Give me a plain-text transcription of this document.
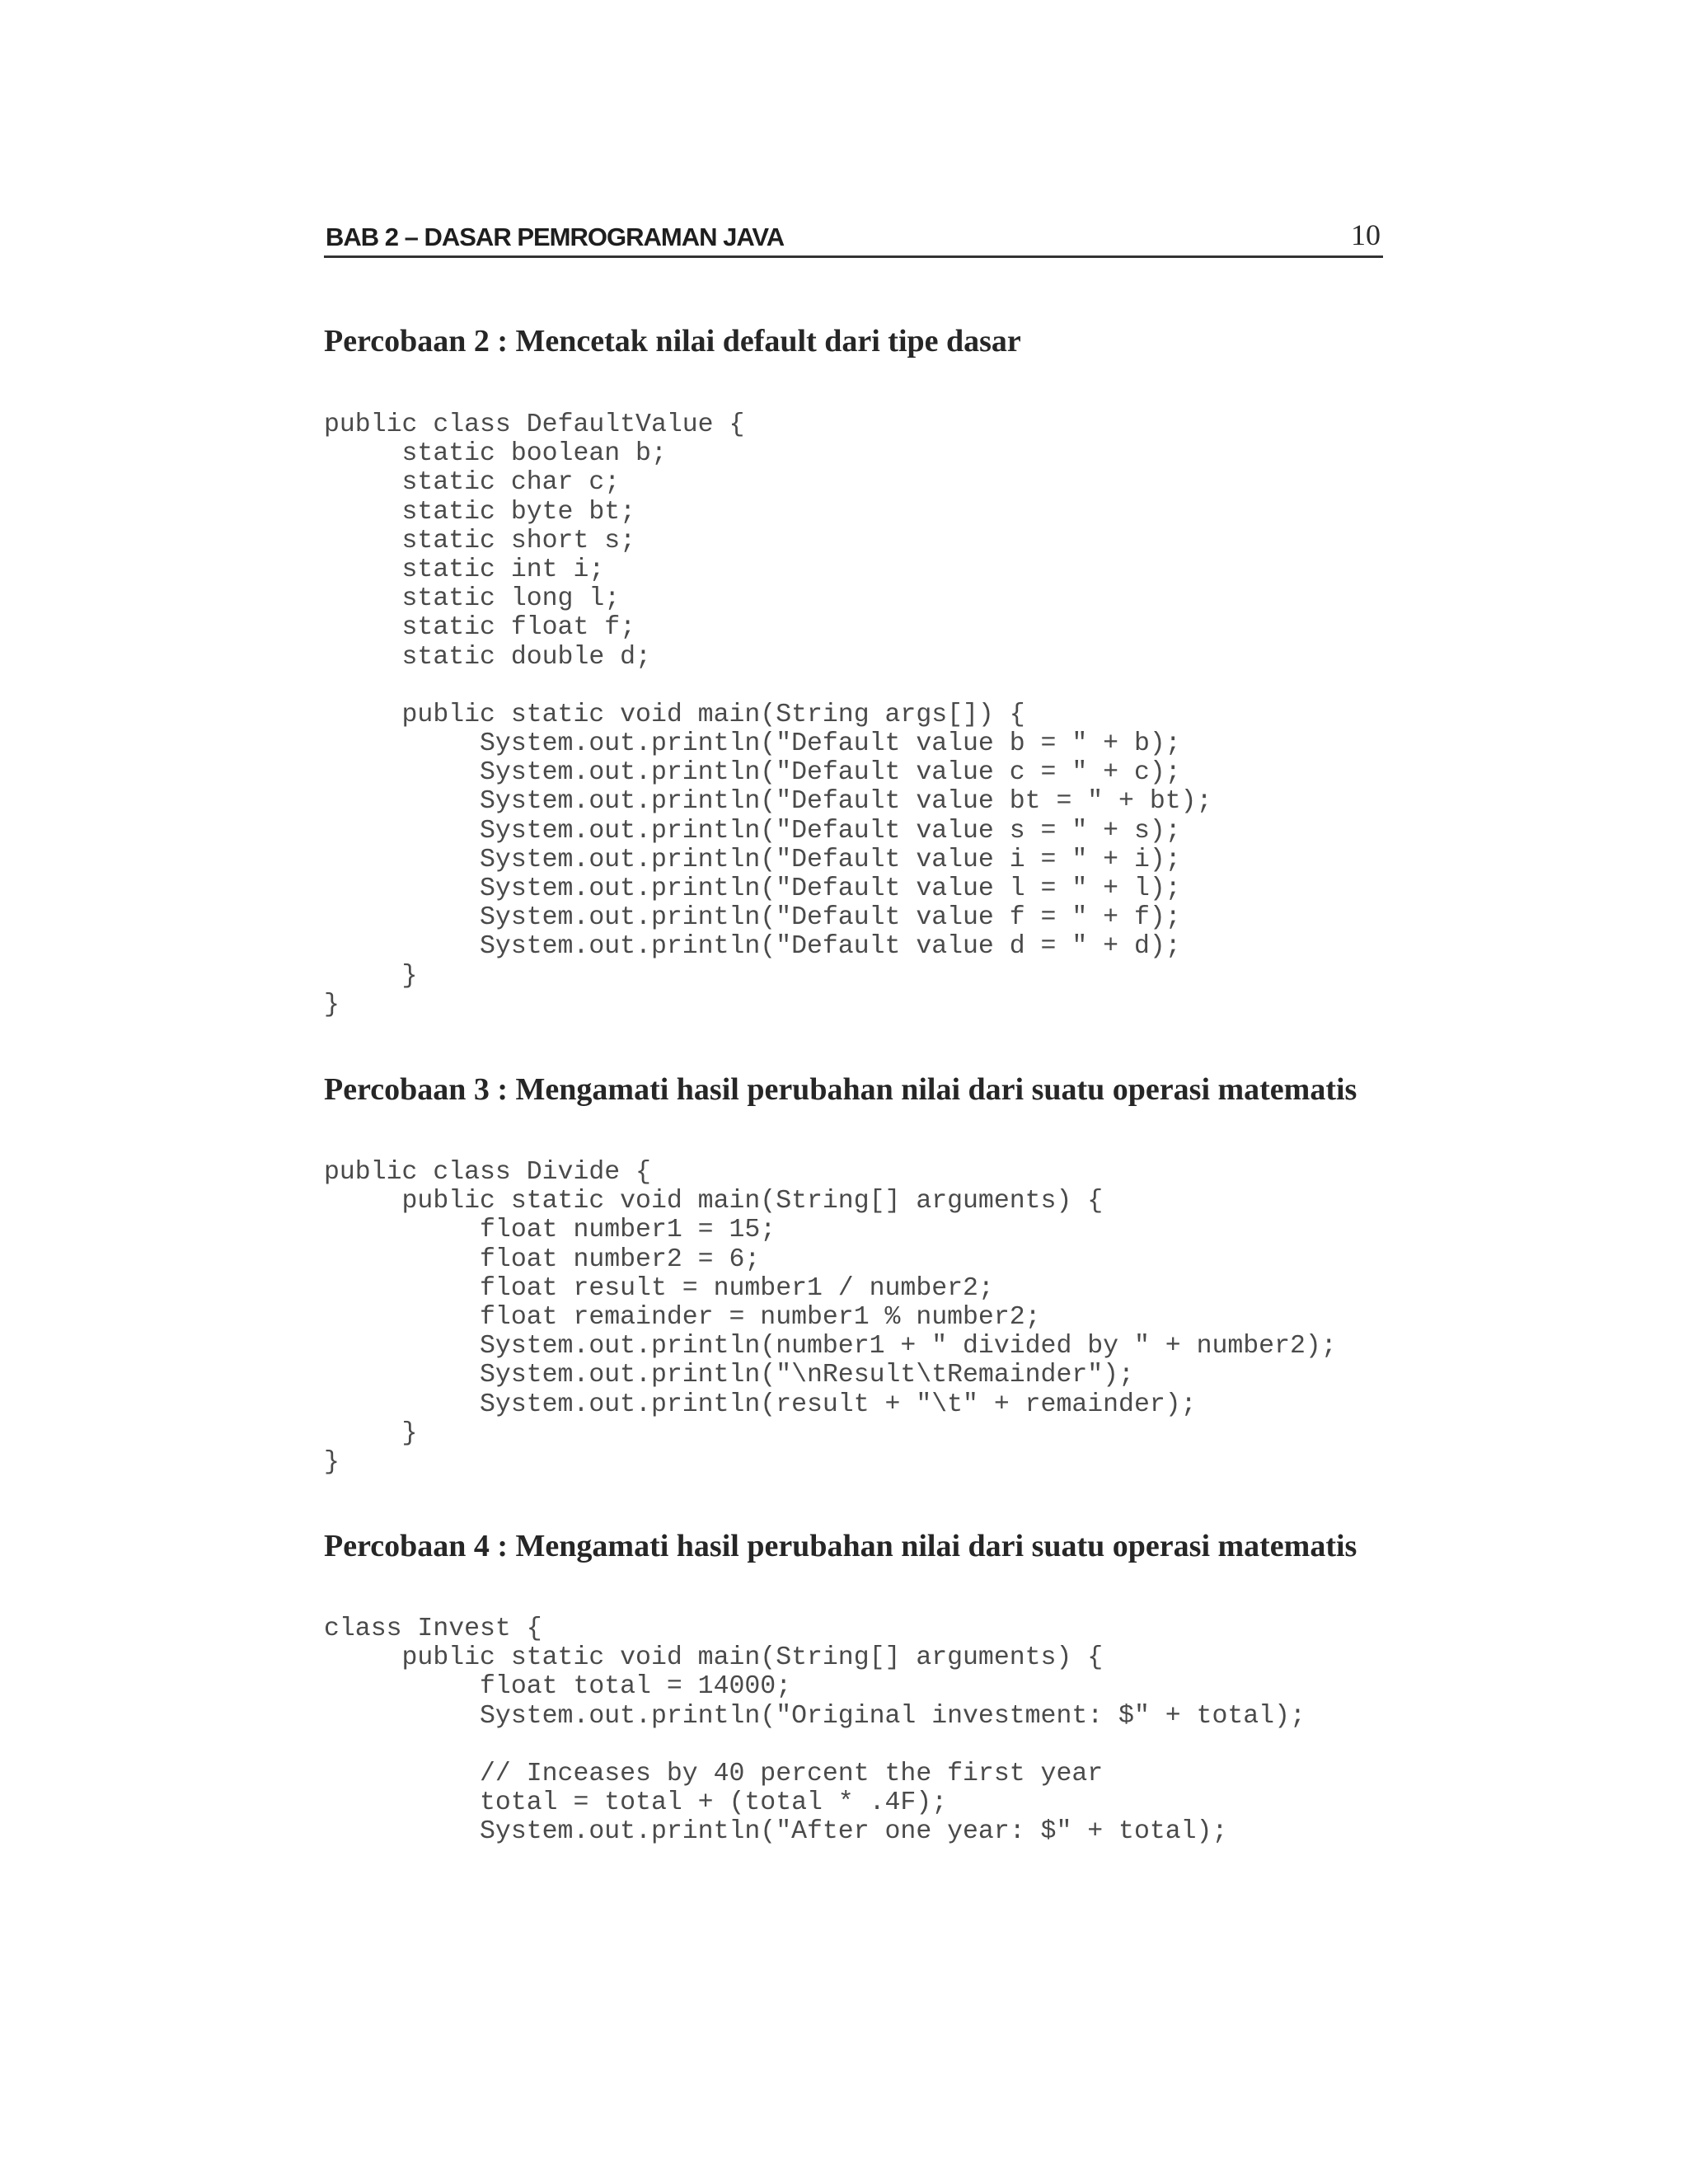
BAB 2 – DASAR PEMROGRAMAN JAVA	10
Percobaan 2 : Mencetak nilai default dari tipe dasar
public class DefaultValue {
static boolean b;
static char c;
static byte bt;
static short s;
static int i;
static long l;
static float f;
static double d;
public static void main(String args[]) {
System.out.println("Default value b = " + b);
System.out.println("Default value c = " + c);
System.out.println("Default value bt = " + bt);
System.out.println("Default value s = " + s);
System.out.println("Default value i = " + i);
System.out.println("Default value l = " + l);
System.out.println("Default value f = " + f);
System.out.println("Default value d = " + d);
}
}
Percobaan 3 : Mengamati hasil perubahan nilai dari suatu operasi matematis
public class Divide {
public static void main(String[] arguments) {
float number1 = 15;
float number2 = 6;
float result = number1 / number2;
float remainder = number1 % number2;
System.out.println(number1 + " divided by " + number2);
System.out.println("\nResult\tRemainder");
System.out.println(result + "\t" + remainder);
}
}
Percobaan 4 : Mengamati hasil perubahan nilai dari suatu operasi matematis
class Invest {
public static void main(String[] arguments) {
float total = 14000;
System.out.println("Original investment: $" + total);
// Inceases by 40 percent the first year
total = total + (total * .4F);
System.out.println("After one year: $" + total);
